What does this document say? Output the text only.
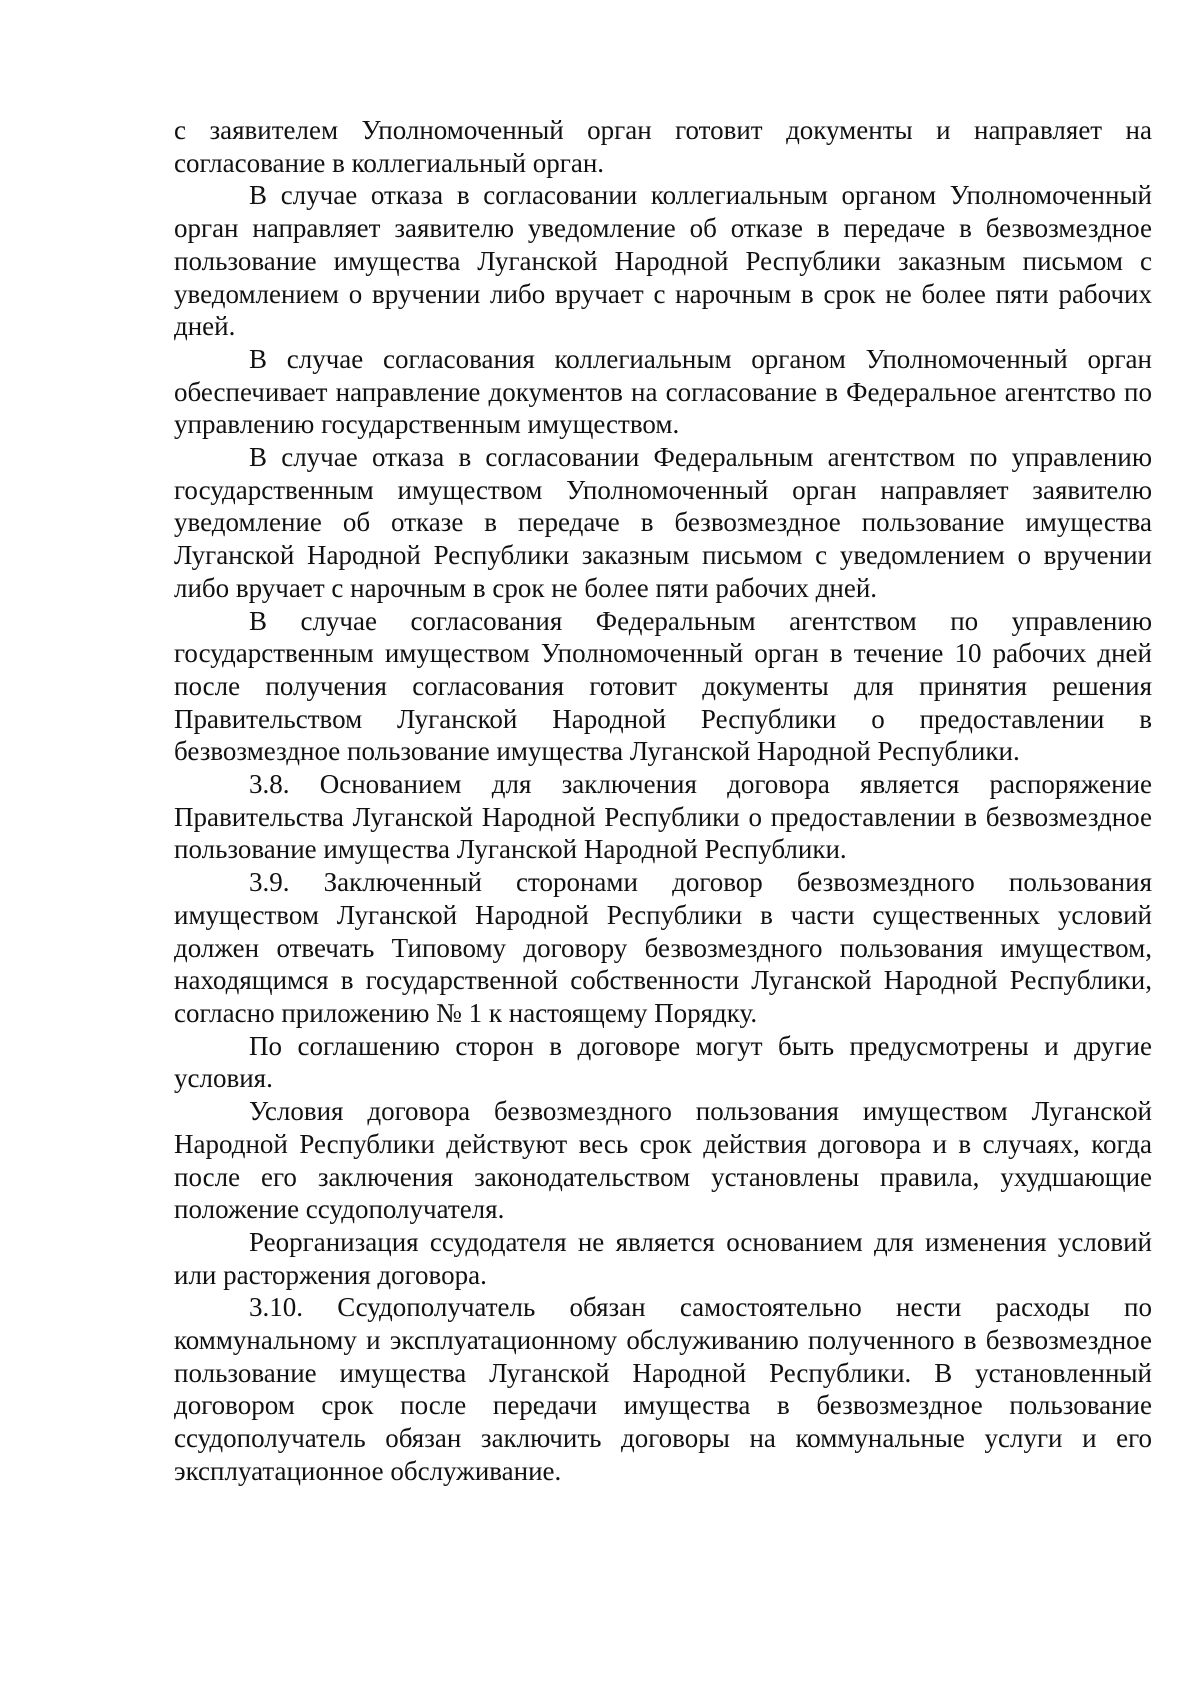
с заявителем Уполномоченный орган готовит документы и направляет на согласование в коллегиальный орган.

В случае отказа в согласовании коллегиальным органом Уполномоченный орган направляет заявителю уведомление об отказе в передаче в безвозмездное пользование имущества Луганской Народной Республики заказным письмом с уведомлением о вручении либо вручает с нарочным в срок не более пяти рабочих дней.

В случае согласования коллегиальным органом Уполномоченный орган обеспечивает направление документов на согласование в Федеральное агентство по управлению государственным имуществом.

В случае отказа в согласовании Федеральным агентством по управлению государственным имуществом Уполномоченный орган направляет заявителю уведомление об отказе в передаче в безвозмездное пользование имущества Луганской Народной Республики заказным письмом с уведомлением о вручении либо вручает с нарочным в срок не более пяти рабочих дней.

В случае согласования Федеральным агентством по управлению государственным имуществом Уполномоченный орган в течение 10 рабочих дней после получения согласования готовит документы для принятия решения Правительством Луганской Народной Республики о предоставлении в безвозмездное пользование имущества Луганской Народной Республики.

3.8. Основанием для заключения договора является распоряжение Правительства Луганской Народной Республики о предоставлении в безвозмездное пользование имущества Луганской Народной Республики.

3.9. Заключенный сторонами договор безвозмездного пользования имуществом Луганской Народной Республики в части существенных условий должен отвечать Типовому договору безвозмездного пользования имуществом, находящимся в государственной собственности Луганской Народной Республики, согласно приложению № 1 к настоящему Порядку.

По соглашению сторон в договоре могут быть предусмотрены и другие условия.

Условия договора безвозмездного пользования имуществом Луганской Народной Республики действуют весь срок действия договора и в случаях, когда после его заключения законодательством установлены правила, ухудшающие положение ссудополучателя.

Реорганизация ссудодателя не является основанием для изменения условий или расторжения договора.

3.10. Ссудополучатель обязан самостоятельно нести расходы по коммунальному и эксплуатационному обслуживанию полученного в безвозмездное пользование имущества Луганской Народной Республики. В установленный договором срок после передачи имущества в безвозмездное пользование ссудополучатель обязан заключить договоры на коммунальные услуги и его эксплуатационное обслуживание.
